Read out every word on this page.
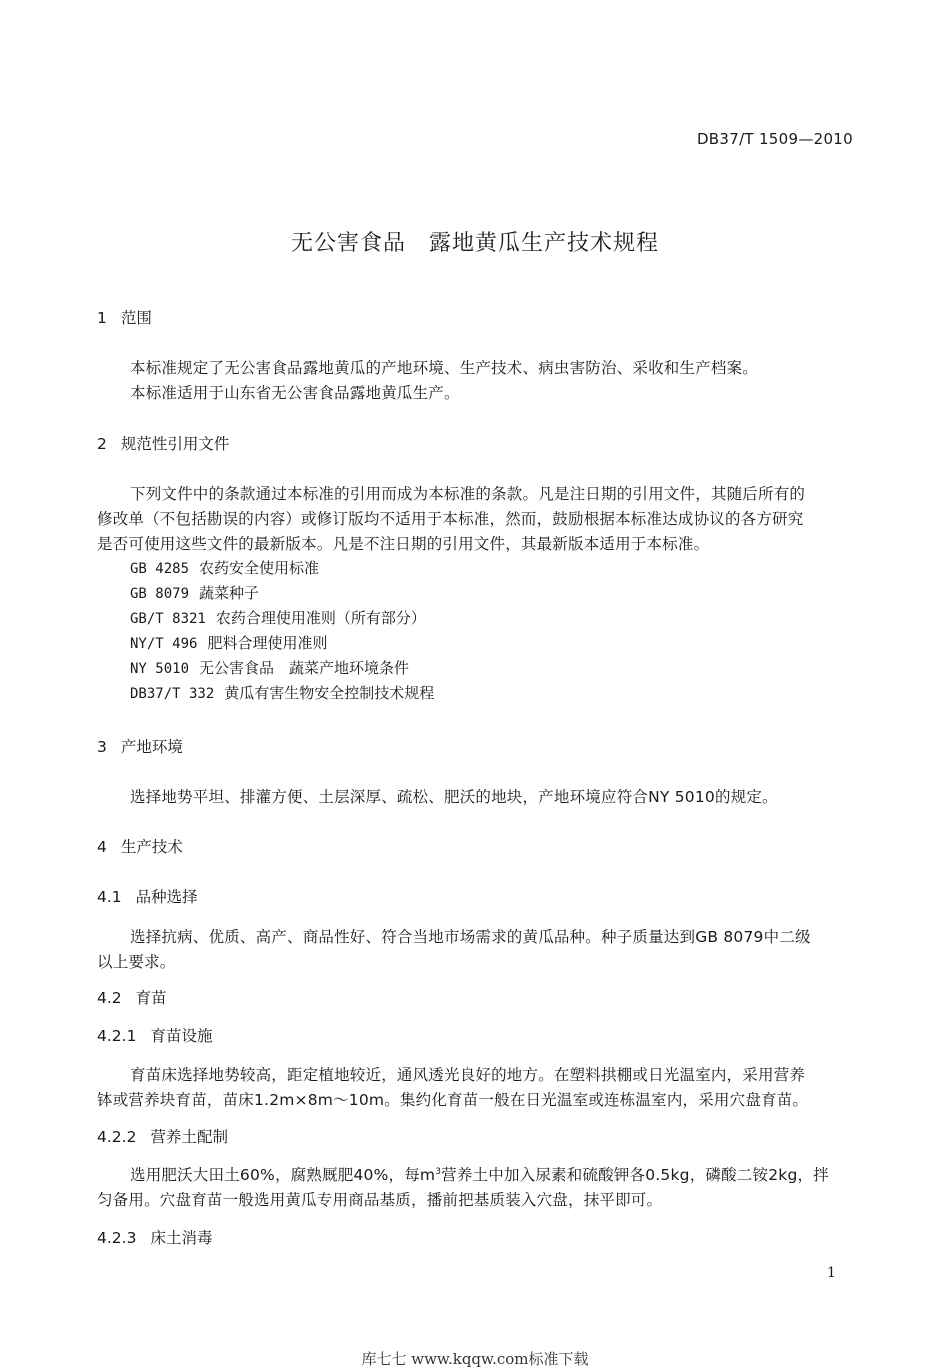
DB37/T 1509—2010
无公害食品　露地黄瓜生产技术规程
1 范围
本标准规定了无公害食品露地黄瓜的产地环境、生产技术、病虫害防治、采收和生产档案。
本标准适用于山东省无公害食品露地黄瓜生产。
2 规范性引用文件
下列文件中的条款通过本标准的引用而成为本标准的条款。凡是注日期的引用文件，其随后所有的
修改单（不包括勘误的内容）或修订版均不适用于本标准，然而，鼓励根据本标准达成协议的各方研究
是否可使用这些文件的最新版本。凡是不注日期的引用文件，其最新版本适用于本标准。
GB 4285 农药安全使用标准
GB 8079 蔬菜种子
GB/T 8321 农药合理使用准则（所有部分）
NY/T 496 肥料合理使用准则
NY 5010 无公害食品　蔬菜产地环境条件
DB37/T 332 黄瓜有害生物安全控制技术规程
3 产地环境
选择地势平坦、排灌方便、土层深厚、疏松、肥沃的地块，产地环境应符合NY 5010的规定。
4 生产技术
4.1 品种选择
选择抗病、优质、高产、商品性好、符合当地市场需求的黄瓜品种。种子质量达到GB 8079中二级
以上要求。
4.2 育苗
4.2.1 育苗设施
育苗床选择地势较高，距定植地较近，通风透光良好的地方。在塑料拱棚或日光温室内，采用营养
钵或营养块育苗，苗床1.2m×8m～10m。集约化育苗一般在日光温室或连栋温室内，采用穴盘育苗。
4.2.2 营养土配制
选用肥沃大田土60%，腐熟厩肥40%，每$m^3$营养土中加入尿素和硫酸钾各0.5kg，磷酸二铵2kg，拌
匀备用。穴盘育苗一般选用黄瓜专用商品基质，播前把基质装入穴盘，抹平即可。
4.2.3 床土消毒
1
库七七 www.kqqw.com标准下载
